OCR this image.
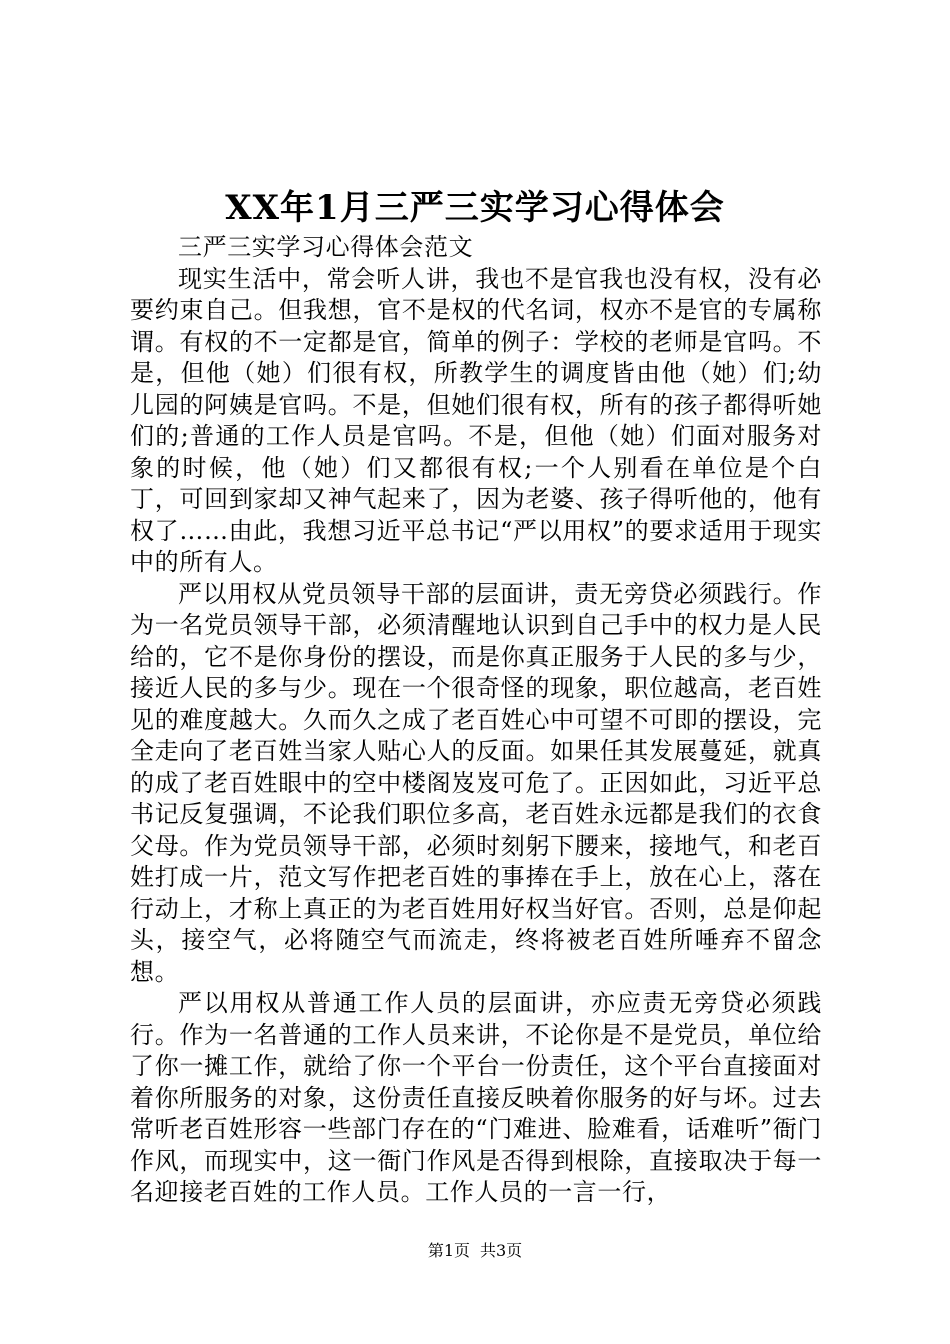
XX年1月三严三实学习心得体会

三严三实学习心得体会范文

现实生活中，常会听人讲，我也不是官我也没有权，没有必要约束自己。但我想，官不是权的代名词，权亦不是官的专属称谓。有权的不一定都是官，简单的例子：学校的老师是官吗。不是，但他（她）们很有权，所教学生的调度皆由他（她）们;幼儿园的阿姨是官吗。不是，但她们很有权，所有的孩子都得听她们的;普通的工作人员是官吗。不是，但他（她）们面对服务对象的时候，他（她）们又都很有权;一个人别看在单位是个白丁，可回到家却又神气起来了，因为老婆、孩子得听他的，他有权了……由此，我想习近平总书记“严以用权”的要求适用于现实中的所有人。

严以用权从党员领导干部的层面讲，责无旁贷必须践行。作为一名党员领导干部，必须清醒地认识到自己手中的权力是人民给的，它不是你身份的摆设，而是你真正服务于人民的多与少，接近人民的多与少。现在一个很奇怪的现象，职位越高，老百姓见的难度越大。久而久之成了老百姓心中可望不可即的摆设，完全走向了老百姓当家人贴心人的反面。如果任其发展蔓延，就真的成了老百姓眼中的空中楼阁岌岌可危了。正因如此，习近平总书记反复强调，不论我们职位多高，老百姓永远都是我们的衣食父母。作为党员领导干部，必须时刻躬下腰来，接地气，和老百姓打成一片，范文写作把老百姓的事捧在手上，放在心上，落在行动上，才称上真正的为老百姓用好权当好官。否则，总是仰起头，接空气，必将随空气而流走，终将被老百姓所唾弃不留念想。

严以用权从普通工作人员的层面讲，亦应责无旁贷必须践行。作为一名普通的工作人员来讲，不论你是不是党员，单位给了你一摊工作，就给了你一个平台一份责任，这个平台直接面对着你所服务的对象，这份责任直接反映着你服务的好与坏。过去常听老百姓形容一些部门存在的“门难进、脸难看，话难听”衙门作风，而现实中，这一衙门作风是否得到根除，直接取决于每一名迎接老百姓的工作人员。工作人员的一言一行，

第1页 共3页
